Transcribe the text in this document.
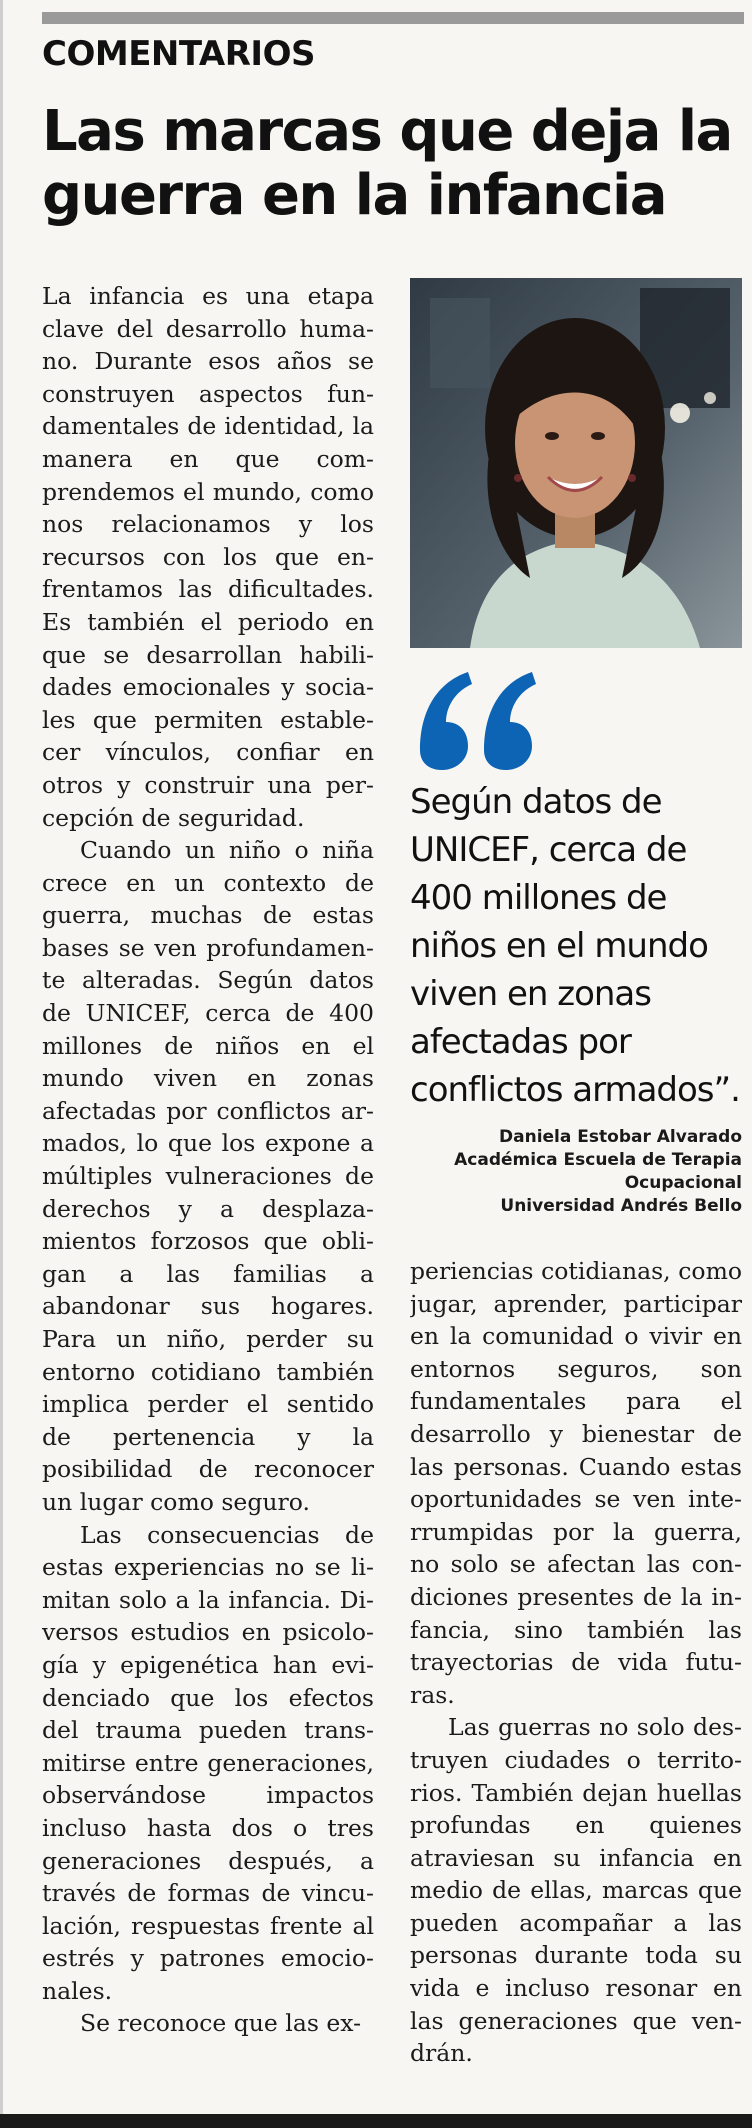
COMENTARIOS
Las marcas que deja la
guerra en la infancia

La infancia es una etapa clave del desarrollo humano. Durante esos años se construyen aspectos fundamentales de identidad, la manera en que comprendemos el mundo, como nos relacionamos y los recursos con los que enfrentamos las dificultades. Es también el periodo en que se desarrollan habilidades emocionales y sociales que permiten establecer vínculos, confiar en otros y construir una percepción de seguridad.

Cuando un niño o niña crece en un contexto de guerra, muchas de estas bases se ven profundamente alteradas. Según datos de UNICEF, cerca de 400 millones de niños en el mundo viven en zonas afectadas por conflictos armados, lo que los expone a múltiples vulneraciones de derechos y a desplazamientos forzosos que obligan a las familias a abandonar sus hogares. Para un niño, perder su entorno cotidiano también implica perder el sentido de pertenencia y la posibilidad de reconocer un lugar como seguro.

Las consecuencias de estas experiencias no se limitan solo a la infancia. Diversos estudios en psicología y epigenética han evidenciado que los efectos del trauma pueden transmitirse entre generaciones, observándose impactos incluso hasta dos o tres generaciones después, a través de formas de vinculación, respuestas frente al estrés y patrones emocionales.

Se reconoce que las ex-

Según datos de UNICEF, cerca de 400 millones de niños en el mundo viven en zonas afectadas por conflictos armados”.
Daniela Estobar Alvarado
Académica Escuela de Terapia
Ocupacional
Universidad Andrés Bello

periencias cotidianas, como jugar, aprender, participar en la comunidad o vivir en entornos seguros, son fundamentales para el desarrollo y bienestar de las personas. Cuando estas oportunidades se ven interrumpidas por la guerra, no solo se afectan las condiciones presentes de la infancia, sino también las trayectorias de vida futuras.

Las guerras no solo destruyen ciudades o territorios. También dejan huellas profundas en quienes atraviesan su infancia en medio de ellas, marcas que pueden acompañar a las personas durante toda su vida e incluso resonar en las generaciones que vendrán.
